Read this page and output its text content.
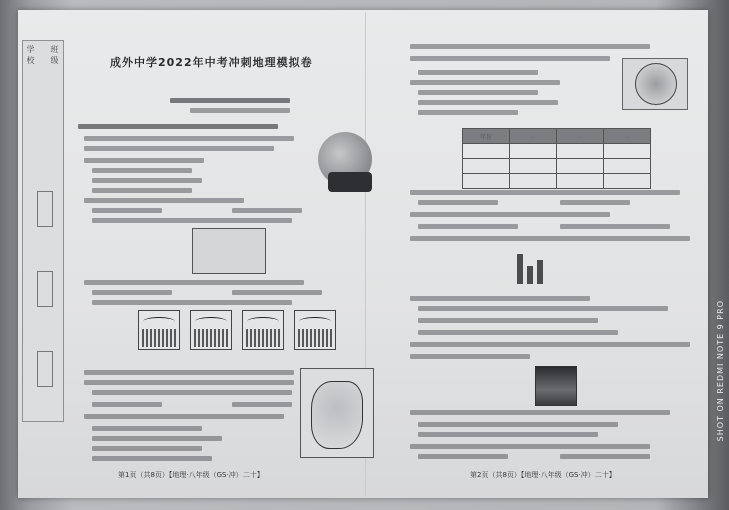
学校 班级	成外中学2022年中考冲刺地理模拟卷
第1页（共8页）【地理·八年级（GS·冲）二十】
年份	…	…	…

第2页（共8页）【地理·八年级（GS·冲）二十】
SHOT ON REDMI NOTE 9 PRO
